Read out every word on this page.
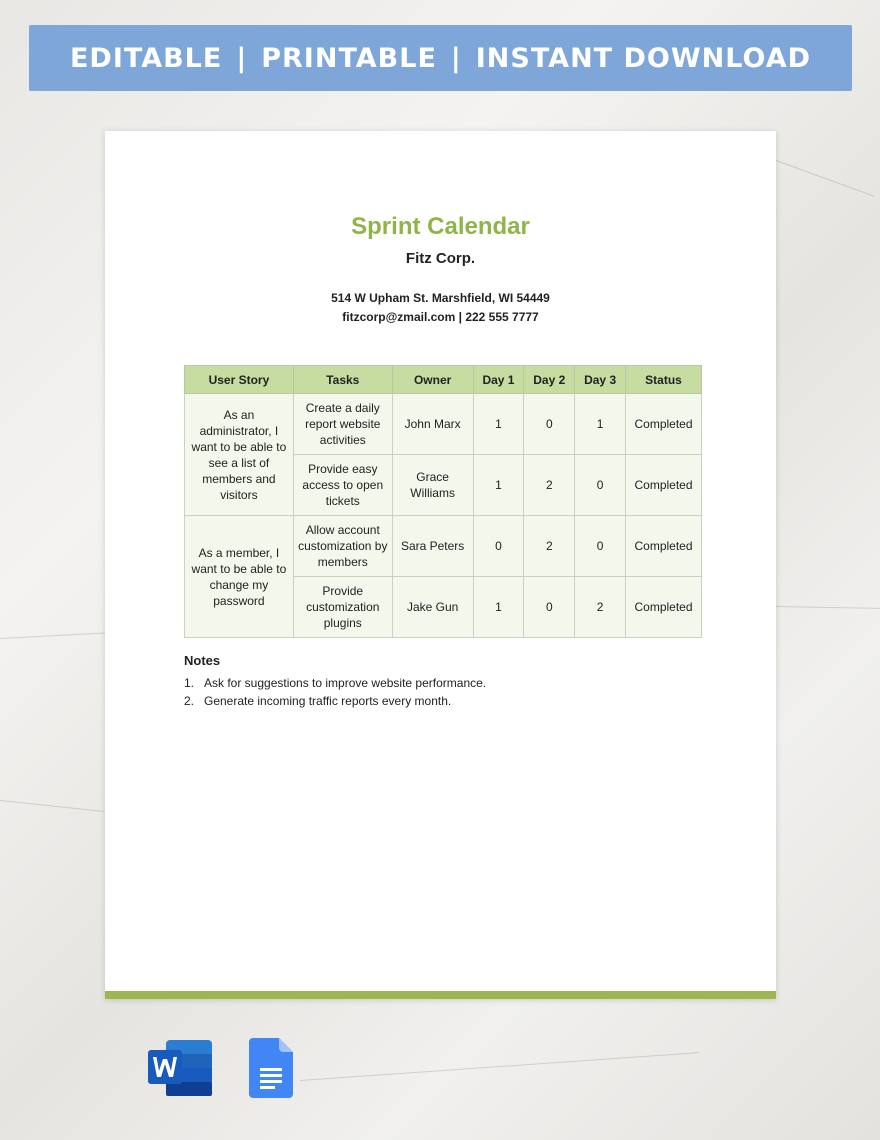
EDITABLE | PRINTABLE | INSTANT DOWNLOAD
Sprint Calendar
Fitz Corp.
514 W Upham St. Marshfield, WI 54449
fitzcorp@zmail.com | 222 555 7777
User Story	Tasks	Owner	Day 1	Day 2	Day 3	Status
As an administrator, I want to be able to see a list of members and visitors	Create a daily report website activities	John Marx	1	0	1	Completed
	Provide easy access to open tickets	Grace Williams	1	2	0	Completed
As a member, I want to be able to change my password	Allow account customization by members	Sara Peters	0	2	0	Completed
	Provide customization plugins	Jake Gun	1	0	2	Completed
Notes
1. Ask for suggestions to improve website performance.
2. Generate incoming traffic reports every month.
